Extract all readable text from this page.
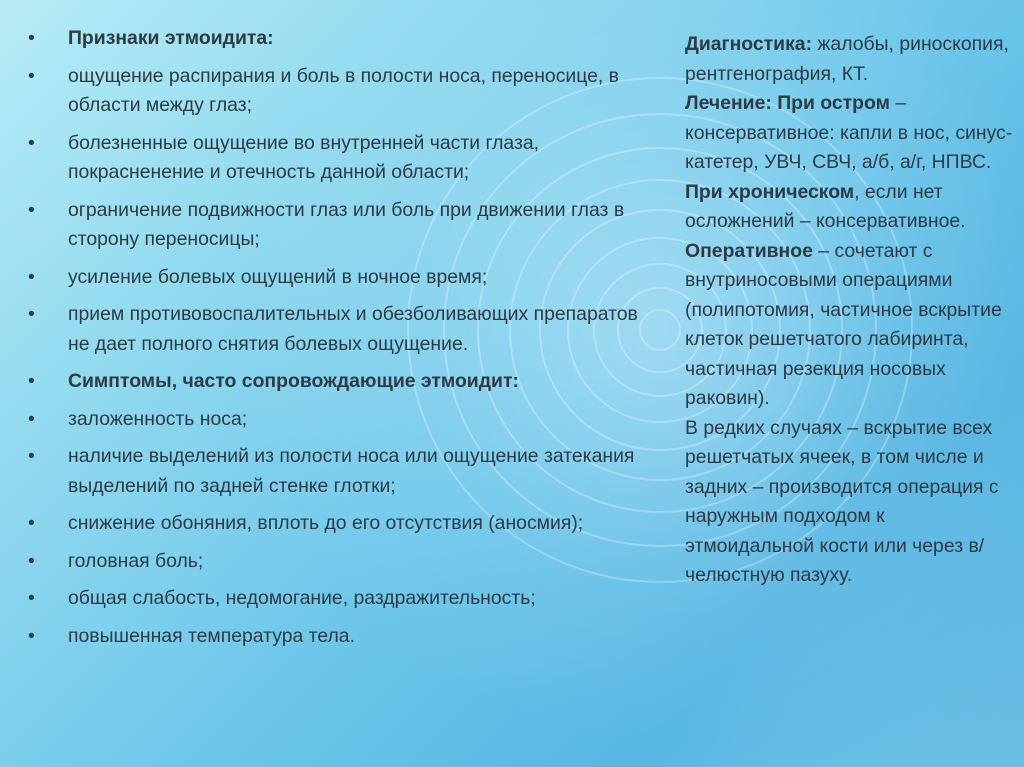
• Признаки этмоидита:
• ощущение распирания и боль в полости носа, переносице, в области между глаз;
• болезненные ощущение во внутренней части глаза, покрасненение и отечность данной области;
• ограничение подвижности глаз или боль при движении глаз в сторону переносицы;
• усиление болевых ощущений в ночное время;
• прием противовоспалительных и обезболивающих препаратов не дает полного снятия болевых ощущение.
• Симптомы, часто сопровождающие этмоидит:
• заложенность носа;
• наличие выделений из полости носа или ощущение затекания выделений по задней стенке глотки;
• снижение обоняния, вплоть до его отсутствия (аносмия);
• головная боль;
• общая слабость, недомогание, раздражительность;
• повышенная температура тела.

Диагностика: жалобы, риноскопия, рентгенография, КТ.

Лечение: При остром – консервативное: капли в нос, синус-катетер, УВЧ, СВЧ, а/б, а/г, НПВС.

При хроническом, если нет осложнений – консервативное.

Оперативное – сочетают с внутриносовыми операциями (полипотомия, частичное вскрытие клеток решетчатого лабиринта, частичная резекция носовых раковин).

В редких случаях – вскрытие всех решетчатых ячеек, в том числе и задних – производится операция с наружным подходом к этмоидальной кости или через в/челюстную пазуху.
